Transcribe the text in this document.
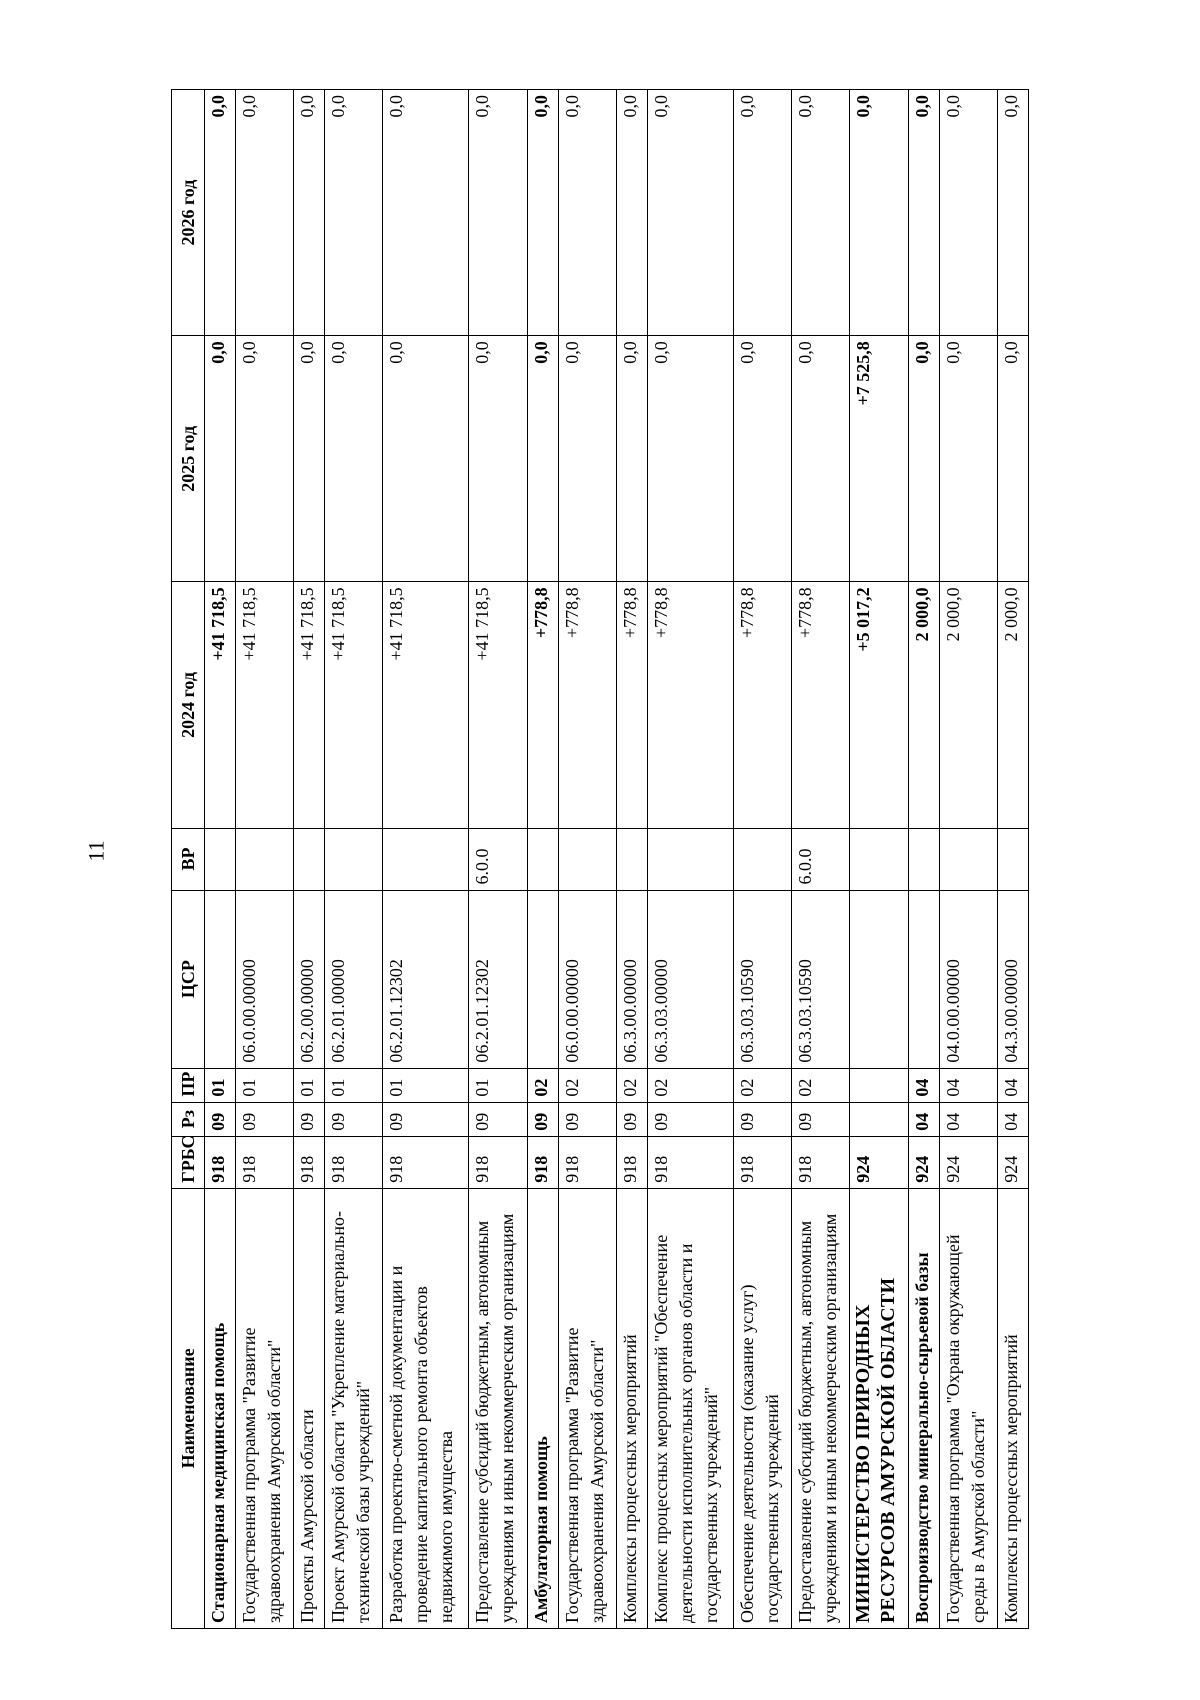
11
Наименование	ГРБС	Рз	ПР	ЦСР	ВР	2024 год	2025 год	2026 год
Стационарная медицинская помощь	918	09	01			+41 718,5	0,0	0,0
Государственная программа "Развитие здравоохранения Амурской области"	918	09	01	06.0.00.00000		+41 718,5	0,0	0,0
Проекты Амурской области	918	09	01	06.2.00.00000		+41 718,5	0,0	0,0
Проект Амурской области "Укрепление материально-технической базы учреждений"	918	09	01	06.2.01.00000		+41 718,5	0,0	0,0
Разработка проектно-сметной документации и проведение капитального ремонта объектов недвижимого имущества	918	09	01	06.2.01.12302		+41 718,5	0,0	0,0
Предоставление субсидий бюджетным, автономным учреждениям и иным некоммерческим организациям	918	09	01	06.2.01.12302	6.0.0	+41 718,5	0,0	0,0
Амбулаторная помощь	918	09	02			+778,8	0,0	0,0
Государственная программа "Развитие здравоохранения Амурской области"	918	09	02	06.0.00.00000		+778,8	0,0	0,0
Комплексы процессных мероприятий	918	09	02	06.3.00.00000		+778,8	0,0	0,0
Комплекс процессных мероприятий "Обеспечение деятельности исполнительных органов области и государственных учреждений"	918	09	02	06.3.03.00000		+778,8	0,0	0,0
Обеспечение деятельности (оказание услуг) государственных учреждений	918	09	02	06.3.03.10590		+778,8	0,0	0,0
Предоставление субсидий бюджетным, автономным учреждениям и иным некоммерческим организациям	918	09	02	06.3.03.10590	6.0.0	+778,8	0,0	0,0
МИНИСТЕРСТВО ПРИРОДНЫХ РЕСУРСОВ АМУРСКОЙ ОБЛАСТИ	924					+5 017,2	+7 525,8	0,0
Воспроизводство минерально-сырьевой базы	924	04	04			2 000,0	0,0	0,0
Государственная программа "Охрана окружающей среды в Амурской области"	924	04	04	04.0.00.00000		2 000,0	0,0	0,0
Комплексы процессных мероприятий	924	04	04	04.3.00.00000		2 000,0	0,0	0,0
